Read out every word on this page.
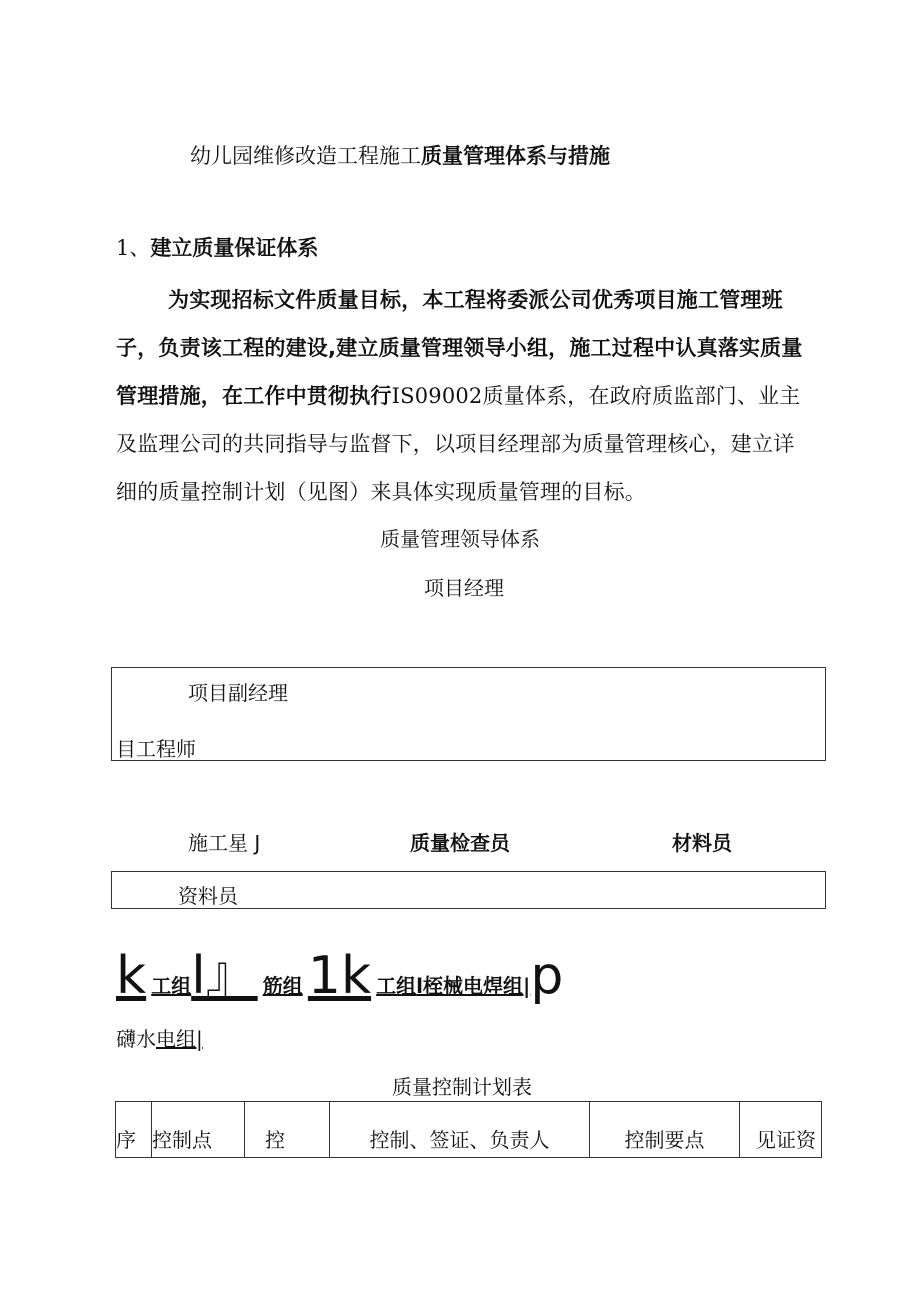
幼儿园维修改造工程施工质量管理体系与措施
1、建立质量保证体系
为实现招标文件质量目标，本工程将委派公司优秀项目施工管理班
子，负责该工程的建设,建立质量管理领导小组，施工过程中认真落实质量
管理措施，在工作中贯彻执行IS09002质量体系，在政府质监部门、业主
及监理公司的共同指导与监督下，以项目经理部为质量管理核心，建立详
细的质量控制计划（见图）来具体实现质量管理的目标。
质量管理领导体系
项目经理
项目副经理
目工程师
施工星 J	质量检查员	材料员
资料员
k 工组l』 筋组 1k 工组l桎械电焊组|p
礴水电组|
质量控制计划表
序	控制点	控	控制、签证、负责人	控制要点	见证资
